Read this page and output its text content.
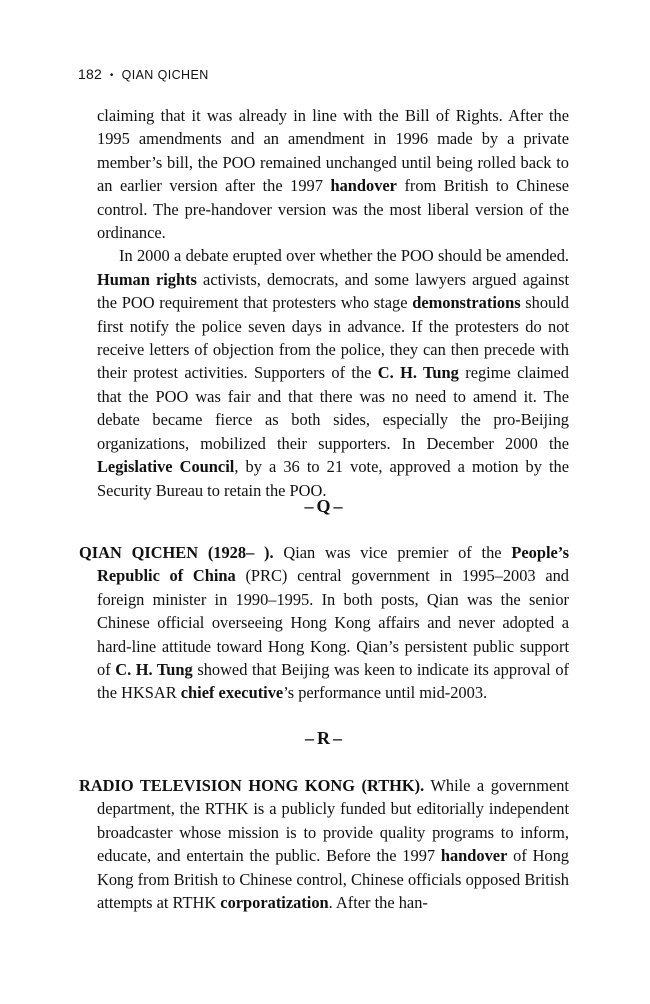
182 • QIAN QICHEN

claiming that it was already in line with the Bill of Rights. After the 1995 amendments and an amendment in 1996 made by a private member’s bill, the POO remained unchanged until being rolled back to an earlier version after the 1997 handover from British to Chinese control. The pre-handover version was the most liberal version of the ordinance.

In 2000 a debate erupted over whether the POO should be amended. Human rights activists, democrats, and some lawyers argued against the POO requirement that protesters who stage demonstrations should first notify the police seven days in advance. If the protesters do not receive letters of objection from the police, they can then precede with their protest activities. Supporters of the C. H. Tung regime claimed that the POO was fair and that there was no need to amend it. The debate became fierce as both sides, especially the pro-Beijing organizations, mobilized their supporters. In December 2000 the Legislative Council, by a 36 to 21 vote, approved a motion by the Security Bureau to retain the POO.

–Q–

QIAN QICHEN (1928– ). Qian was vice premier of the People’s Republic of China (PRC) central government in 1995–2003 and foreign minister in 1990–1995. In both posts, Qian was the senior Chinese official overseeing Hong Kong affairs and never adopted a hard-line attitude toward Hong Kong. Qian’s persistent public support of C. H. Tung showed that Beijing was keen to indicate its approval of the HKSAR chief executive’s performance until mid-2003.

–R–

RADIO TELEVISION HONG KONG (RTHK). While a government department, the RTHK is a publicly funded but editorially independent broadcaster whose mission is to provide quality programs to inform, educate, and entertain the public. Before the 1997 handover of Hong Kong from British to Chinese control, Chinese officials opposed British attempts at RTHK corporatization. After the han-
